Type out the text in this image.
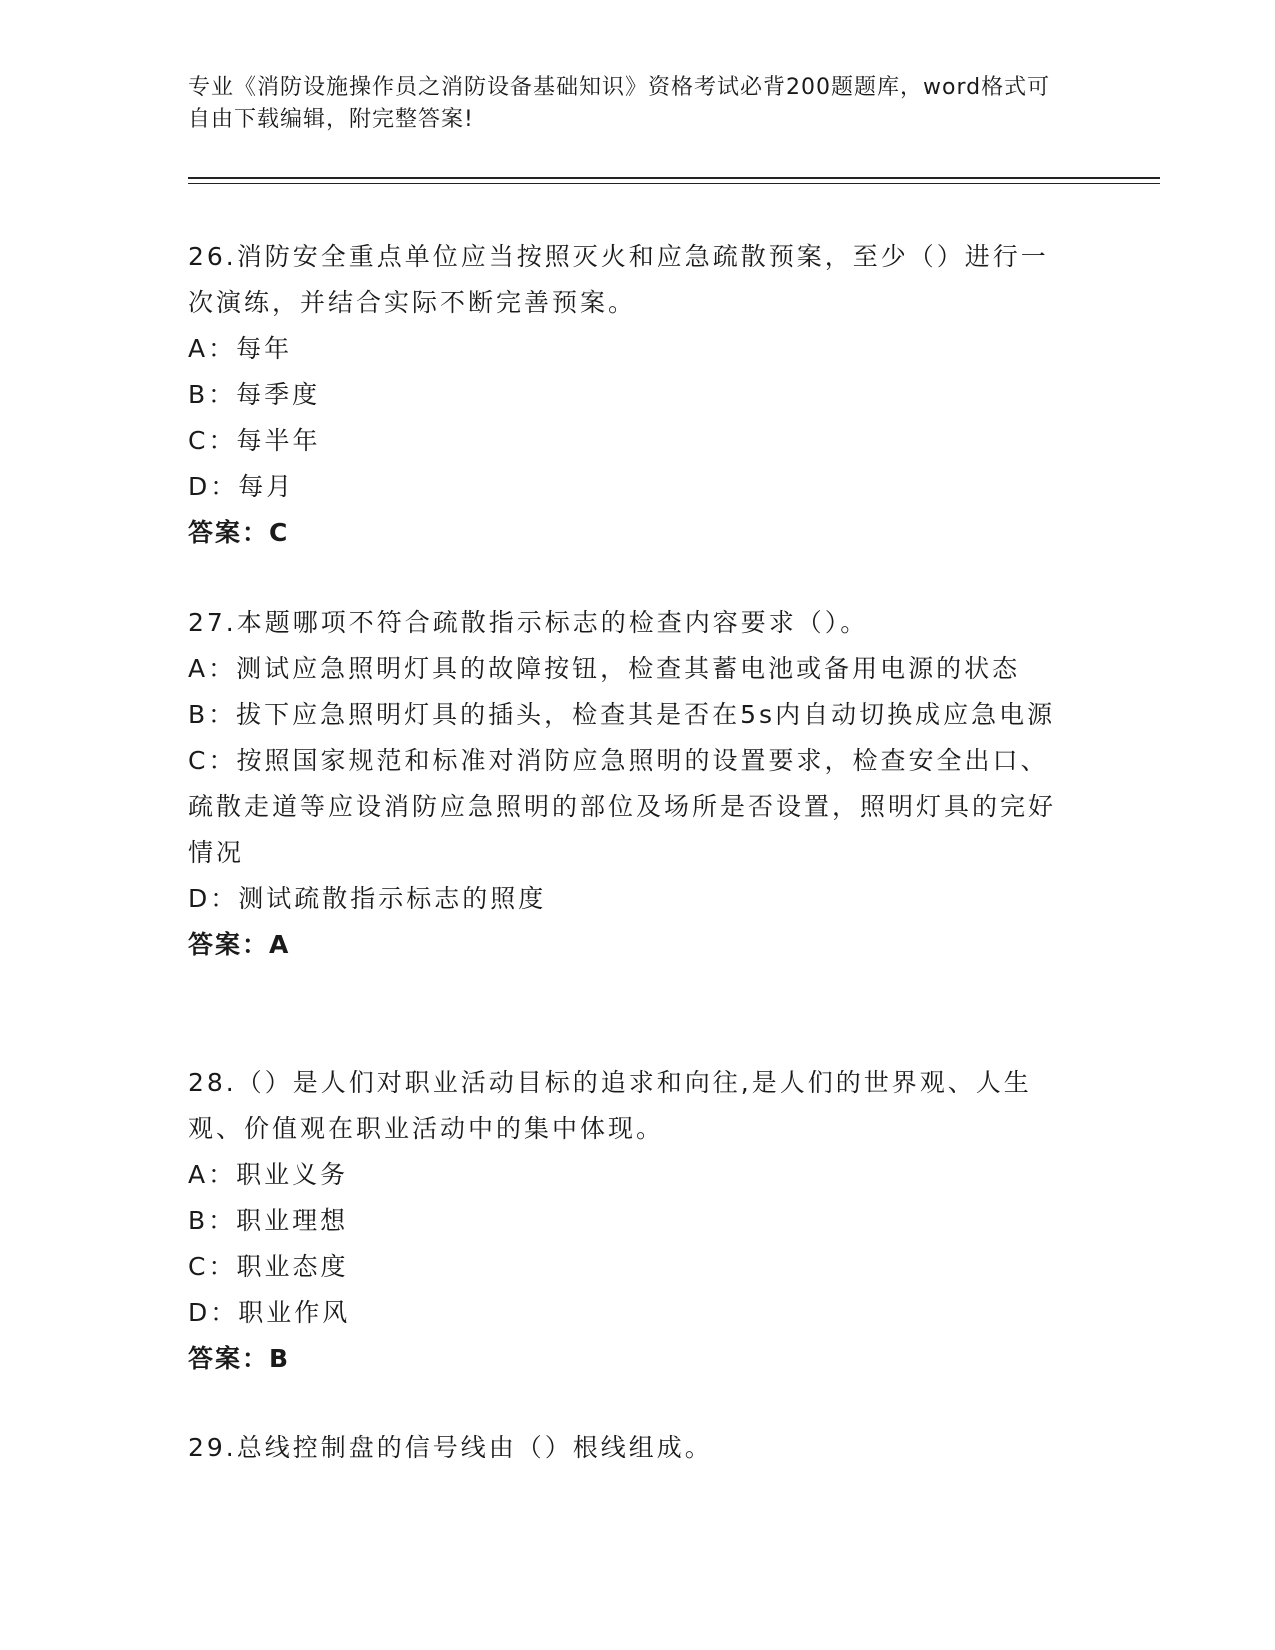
专业《消防设施操作员之消防设备基础知识》资格考试必背200题题库，word格式可自由下载编辑，附完整答案!

26.消防安全重点单位应当按照灭火和应急疏散预案，至少（）进行一次演练，并结合实际不断完善预案。

A：每年

B：每季度

C：每半年

D：每月

答案：C

27.本题哪项不符合疏散指示标志的检查内容要求（）。

A：测试应急照明灯具的故障按钮，检查其蓄电池或备用电源的状态

B：拔下应急照明灯具的插头，检查其是否在5s内自动切换成应急电源

C：按照国家规范和标准对消防应急照明的设置要求，检查安全出口、疏散走道等应设消防应急照明的部位及场所是否设置，照明灯具的完好情况

D：测试疏散指示标志的照度

答案：A

28.（）是人们对职业活动目标的追求和向往,是人们的世界观、人生观、价值观在职业活动中的集中体现。

A：职业义务

B：职业理想

C：职业态度

D：职业作风

答案：B

29.总线控制盘的信号线由（）根线组成。
